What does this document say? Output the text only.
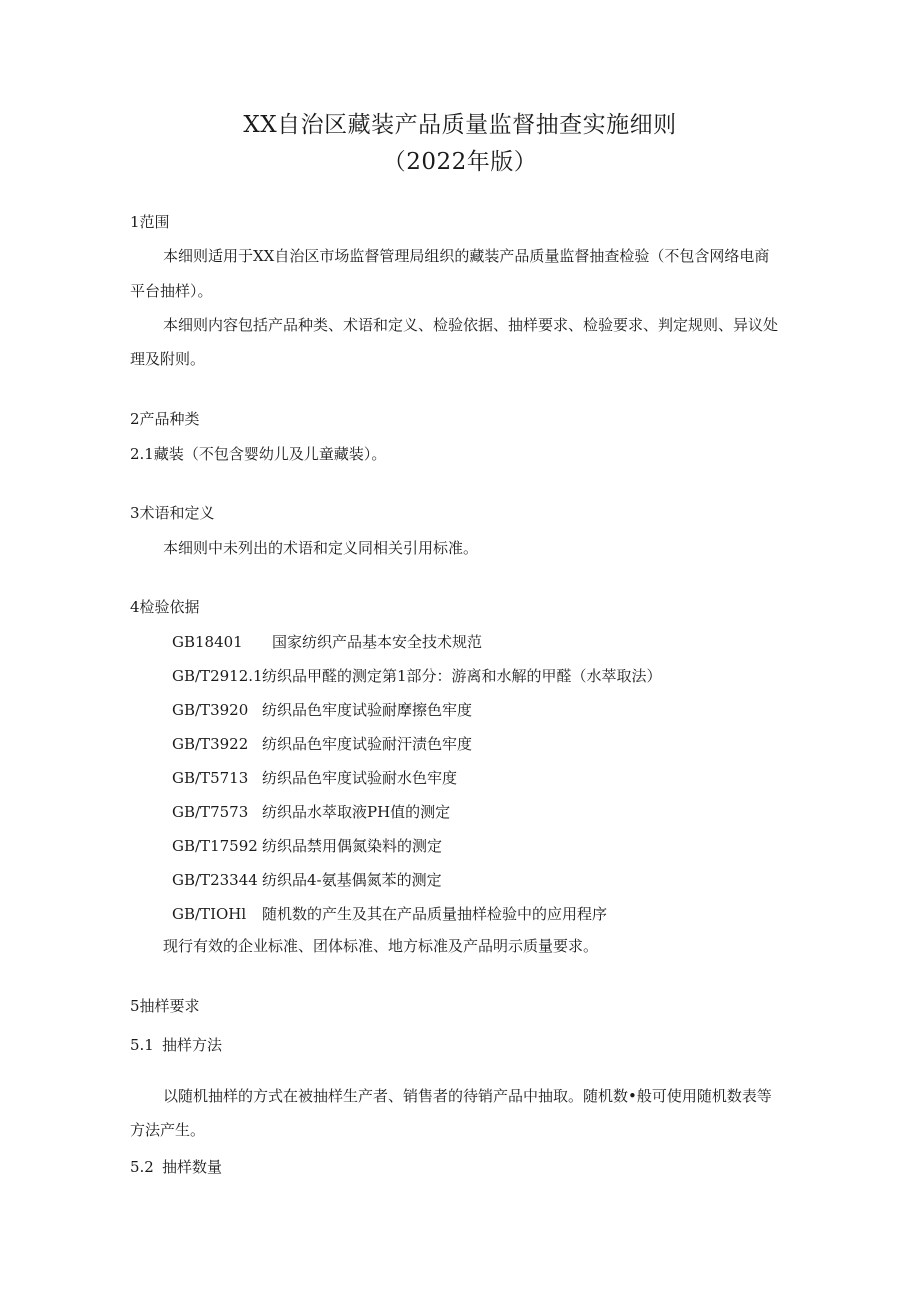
XX自治区藏装产品质量监督抽查实施细则
（2022年版）
1范围
本细则适用于XX自治区市场监督管理局组织的藏装产品质量监督抽查检验（不包含网络电商
平台抽样）。
本细则内容包括产品种类、术语和定义、检验依据、抽样要求、检验要求、判定规则、异议处
理及附则。
2产品种类
2.1藏装（不包含婴幼儿及儿童藏装）。
3术语和定义
本细则中未列出的术语和定义同相关引用标准。
4检验依据
GB18401 国家纺织产品基本安全技术规范
GB/T2912.1 纺织品甲醛的测定第1部分：游离和水解的甲醛（水萃取法）
GB/T3920 纺织品色牢度试验耐摩擦色牢度
GB/T3922 纺织品色牢度试验耐汗渍色牢度
GB/T5713 纺织品色牢度试验耐水色牢度
GB/T7573 纺织品水萃取液PH值的测定
GB/T17592 纺织品禁用偶氮染料的测定
GB/T23344 纺织品4-氨基偶氮苯的测定
GB/TIOHl 随机数的产生及其在产品质量抽样检验中的应用程序
现行有效的企业标准、团体标准、地方标准及产品明示质量要求。
5抽样要求
5.1 抽样方法
以随机抽样的方式在被抽样生产者、销售者的待销产品中抽取。随机数•般可使用随机数表等
方法产生。
5.2 抽样数量
